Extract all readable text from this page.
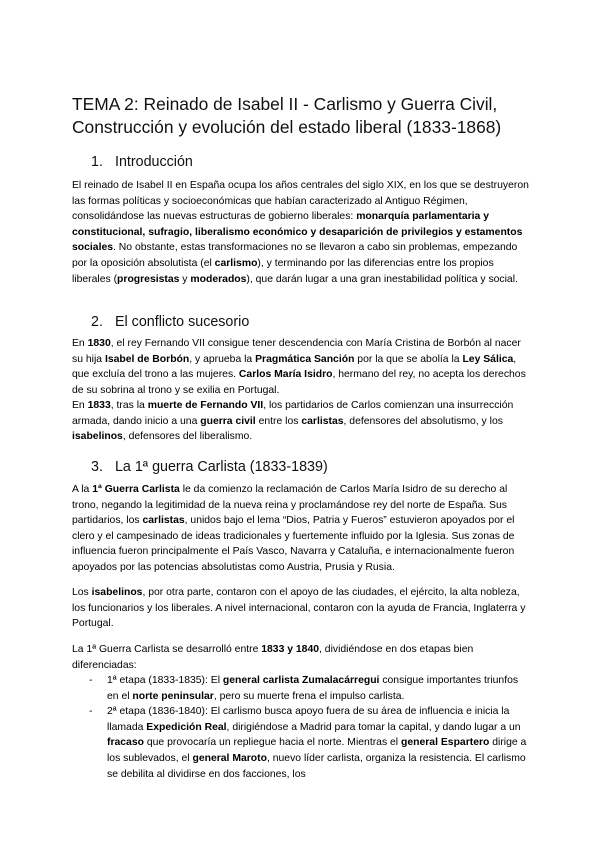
TEMA 2: Reinado de Isabel II - Carlismo y Guerra Civil,
Construcción y evolución del estado liberal (1833-1868)
1. Introducción

El reinado de Isabel II en España ocupa los años centrales del siglo XIX, en los que se destruyeron las formas políticas y socioeconómicas que habían caracterizado al Antiguo Régimen, consolidándose las nuevas estructuras de gobierno liberales: monarquía parlamentaria y constitucional, sufragio, liberalismo económico y desaparición de privilegios y estamentos sociales. No obstante, estas transformaciones no se llevaron a cabo sin problemas, empezando por la oposición absolutista (el carlismo), y terminando por las diferencias entre los propios liberales (progresistas y moderados), que darán lugar a una gran inestabilidad política y social.

2. El conflicto sucesorio

En 1830, el rey Fernando VII consigue tener descendencia con María Cristina de Borbón al nacer su hija Isabel de Borbón, y aprueba la Pragmática Sanción por la que se abolía la Ley Sálica, que excluía del trono a las mujeres. Carlos María Isidro, hermano del rey, no acepta los derechos de su sobrina al trono y se exilia en Portugal.

En 1833, tras la muerte de Fernando VII, los partidarios de Carlos comienzan una insurrección armada, dando inicio a una guerra civil entre los carlistas, defensores del absolutismo, y los isabelinos, defensores del liberalismo.

3. La 1ª guerra Carlista (1833-1839)

A la 1ª Guerra Carlista le da comienzo la reclamación de Carlos María Isidro de su derecho al trono, negando la legitimidad de la nueva reina y proclamándose rey del norte de España. Sus partidarios, los carlistas, unidos bajo el lema “Dios, Patria y Fueros” estuvieron apoyados por el clero y el campesinado de ideas tradicionales y fuertemente influido por la Iglesia. Sus zonas de influencia fueron principalmente el País Vasco, Navarra y Cataluña, e internacionalmente fueron apoyados por las potencias absolutistas como Austria, Prusia y Rusia.

Los isabelinos, por otra parte, contaron con el apoyo de las ciudades, el ejército, la alta nobleza, los funcionarios y los liberales. A nivel internacional, contaron con la ayuda de Francia, Inglaterra y Portugal.

La 1ª Guerra Carlista se desarrolló entre 1833 y 1840, dividiéndose en dos etapas bien diferenciadas:

- 1ª etapa (1833-1835): El general carlista Zumalacárregui consigue importantes triunfos en el norte peninsular, pero su muerte frena el impulso carlista.
- 2ª etapa (1836-1840): El carlismo busca apoyo fuera de su área de influencia e inicia la llamada Expedición Real, dirigiéndose a Madrid para tomar la capital, y dando lugar a un fracaso que provocaría un repliegue hacia el norte. Mientras el general Espartero dirige a los sublevados, el general Maroto, nuevo líder carlista, organiza la resistencia. El carlismo se debilita al dividirse en dos facciones, los
